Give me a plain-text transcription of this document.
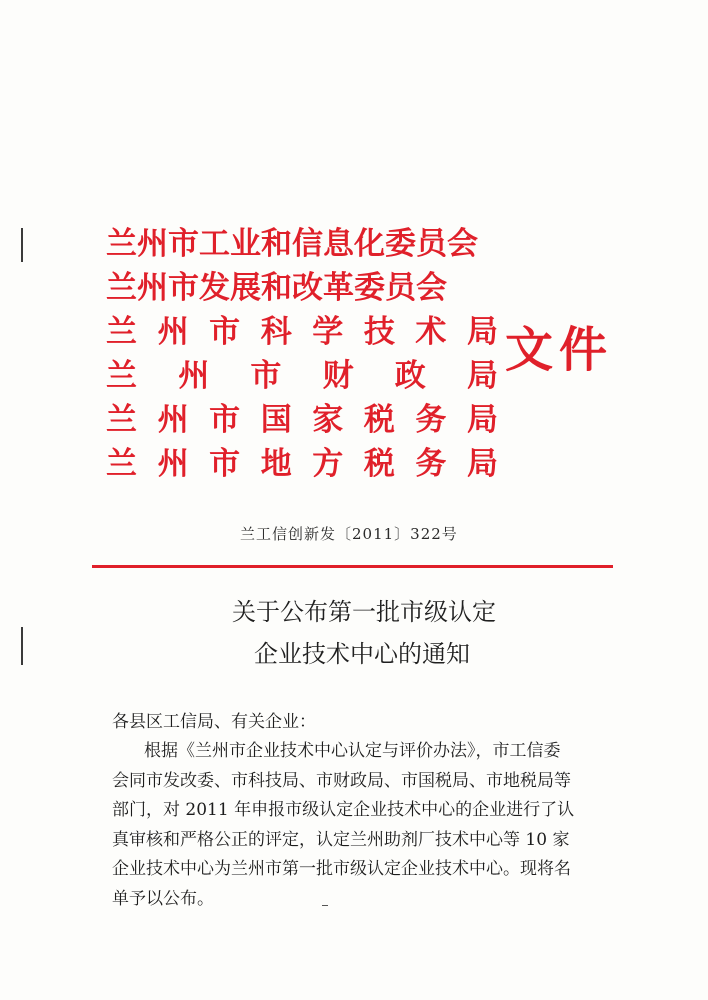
兰州市工业和信息化委员会
兰州市发展和改革委员会
兰 州 市 科 学 技 术 局
兰 州 市 财 政 局
兰 州 市 国 家 税 务 局
兰 州 市 地 方 税 务 局
文件
兰工信创新发〔2011〕322号
关于公布第一批市级认定
企业技术中心的通知
各县区工信局、有关企业：
根据《兰州市企业技术中心认定与评价办法》，市工信委
会同市发改委、市科技局、市财政局、市国税局、市地税局等
部门，对 2011 年申报市级认定企业技术中心的企业进行了认
真审核和严格公正的评定，认定兰州助剂厂技术中心等 10 家
企业技术中心为兰州市第一批市级认定企业技术中心。现将名
单予以公布。
